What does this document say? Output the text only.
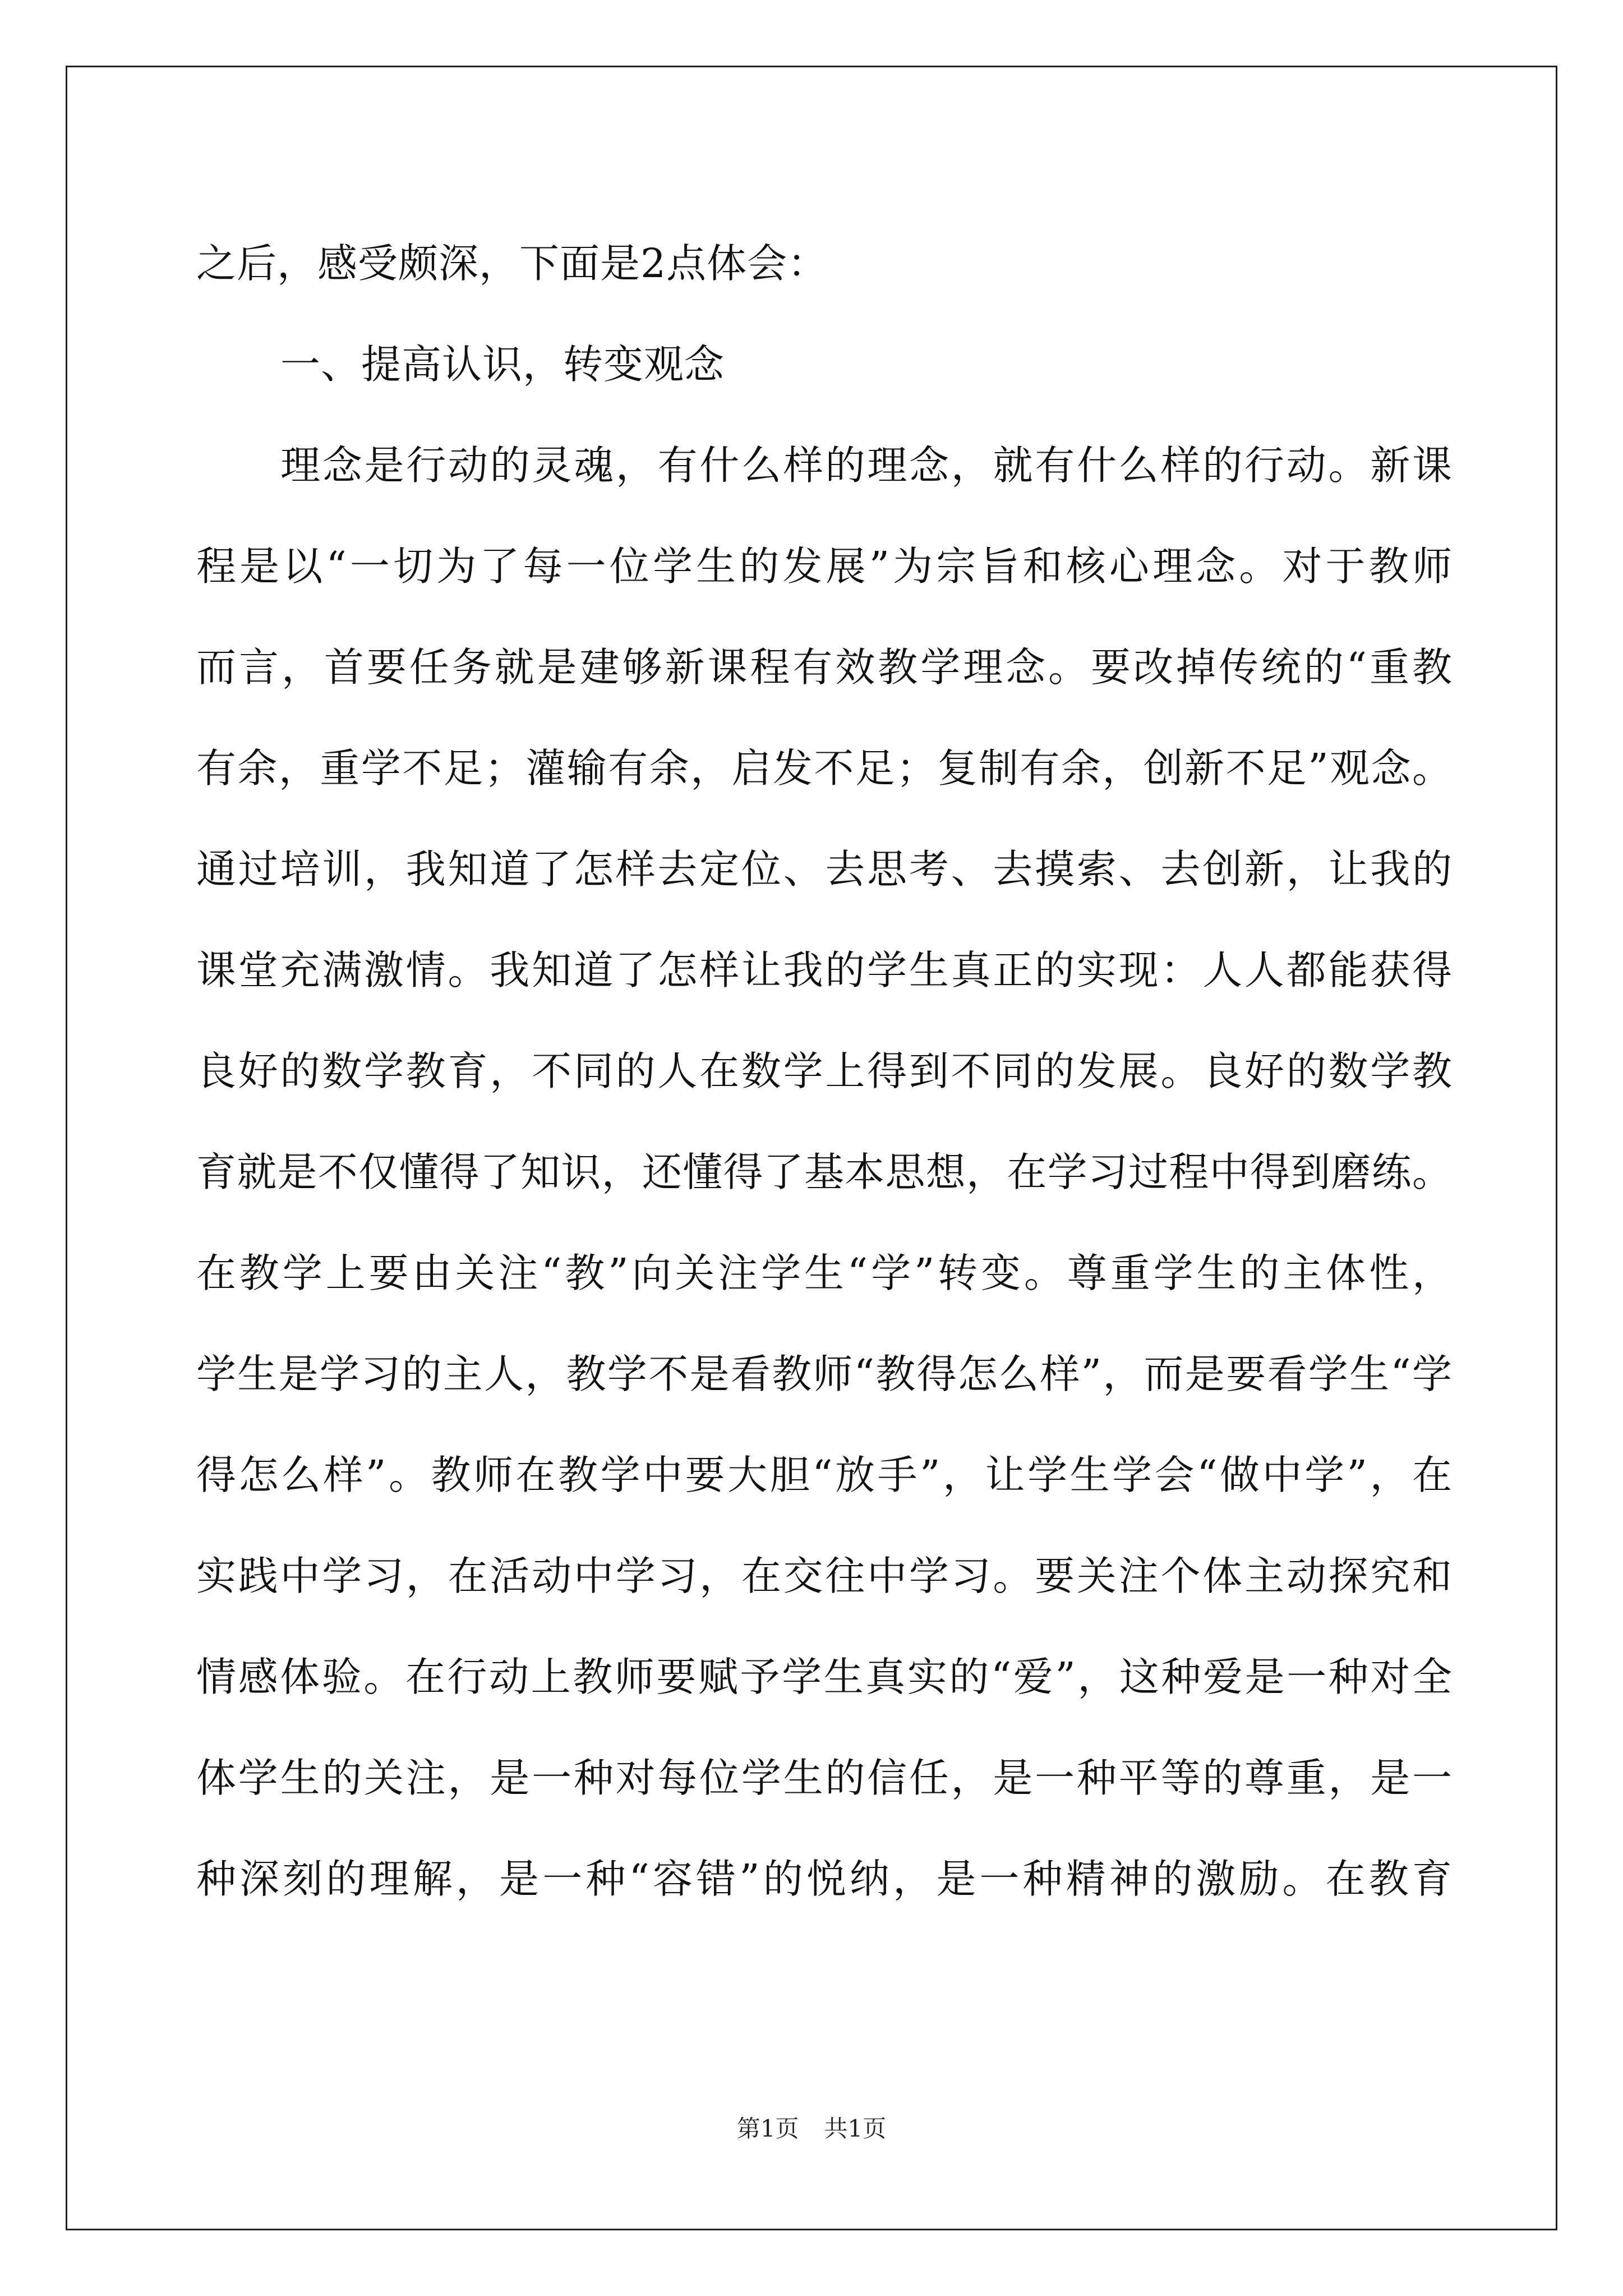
之后，感受颇深，下面是2点体会：
一、提高认识，转变观念
理念是行动的灵魂，有什么样的理念，就有什么样的行动。新课
程是以“一切为了每一位学生的发展”为宗旨和核心理念。对于教师
而言，首要任务就是建够新课程有效教学理念。要改掉传统的“重教
有余，重学不足；灌输有余，启发不足；复制有余，创新不足”观念。
通过培训，我知道了怎样去定位、去思考、去摸索、去创新，让我的
课堂充满激情。我知道了怎样让我的学生真正的实现：人人都能获得
良好的数学教育，不同的人在数学上得到不同的发展。良好的数学教
育就是不仅懂得了知识，还懂得了基本思想，在学习过程中得到磨练。
在教学上要由关注“教”向关注学生“学”转变。尊重学生的主体性，
学生是学习的主人，教学不是看教师“教得怎么样”，而是要看学生“学
得怎么样”。教师在教学中要大胆“放手”，让学生学会“做中学”，在
实践中学习，在活动中学习，在交往中学习。要关注个体主动探究和
情感体验。在行动上教师要赋予学生真实的“爱”，这种爱是一种对全
体学生的关注，是一种对每位学生的信任，是一种平等的尊重，是一
种深刻的理解，是一种“容错”的悦纳，是一种精神的激励。在教育
第1页 共1页
